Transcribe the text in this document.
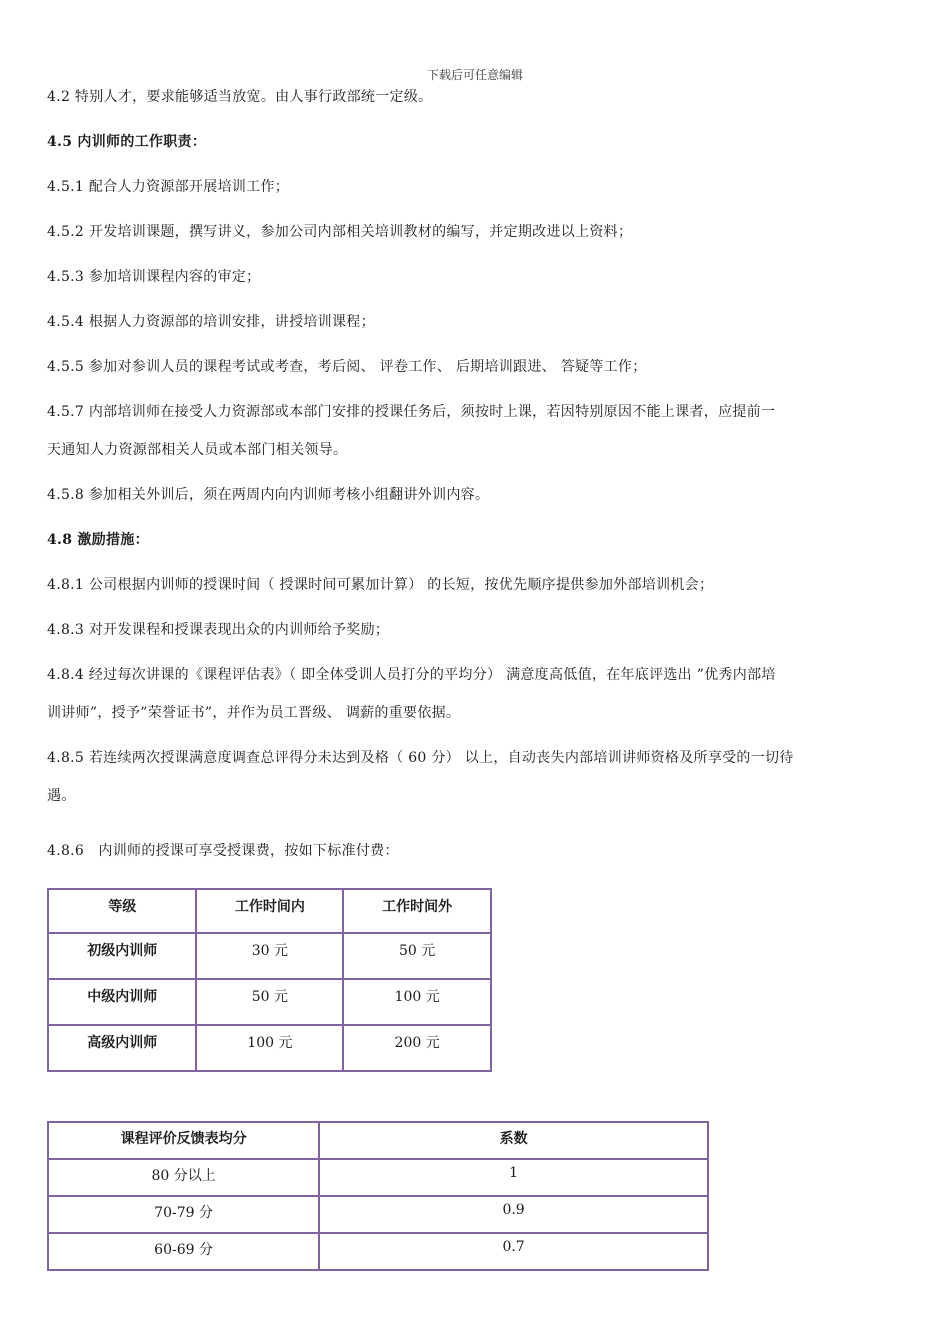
下载后可任意编辑

4.2 特别人才，要求能够适当放宽。由人事行政部统一定级。

4.5 内训师的工作职责：

4.5.1 配合人力资源部开展培训工作；

4.5.2 开发培训课题，撰写讲义，参加公司内部相关培训教材的编写，并定期改进以上资料；

4.5.3 参加培训课程内容的审定；

4.5.4 根据人力资源部的培训安排，讲授培训课程；

4.5.5 参加对参训人员的课程考试或考查，考后阅、 评卷工作、 后期培训跟进、 答疑等工作；

4.5.7 内部培训师在接受人力资源部或本部门安排的授课任务后，须按时上课，若因特别原因不能上课者，应提前一

天通知人力资源部相关人员或本部门相关领导。

4.5.8 参加相关外训后，须在两周内向内训师考核小组翻讲外训内容。

4.8 激励措施：

4.8.1 公司根据内训师的授课时间（ 授课时间可累加计算） 的长短，按优先顺序提供参加外部培训机会；

4.8.3 对开发课程和授课表现出众的内训师给予奖励；

4.8.4 经过每次讲课的《课程评估表》（ 即全体受训人员打分的平均分） 满意度高低值，在年底评选出 ”优秀内部培

训讲师”，授予”荣誉证书”，并作为员工晋级、 调薪的重要依据。

4.8.5 若连续两次授课满意度调查总评得分未达到及格（ 60 分） 以上，自动丧失内部培训讲师资格及所享受的一切待

遇。

4.8.6　内训师的授课可享受授课费，按如下标准付费：

等级	工作时间内	工作时间外
初级内训师	30 元	50 元
中级内训师	50 元	100 元
高级内训师	100 元	200 元
课程评价反馈表均分	系数
80 分以上	1
70-79 分	0.9
60-69 分	0.7
